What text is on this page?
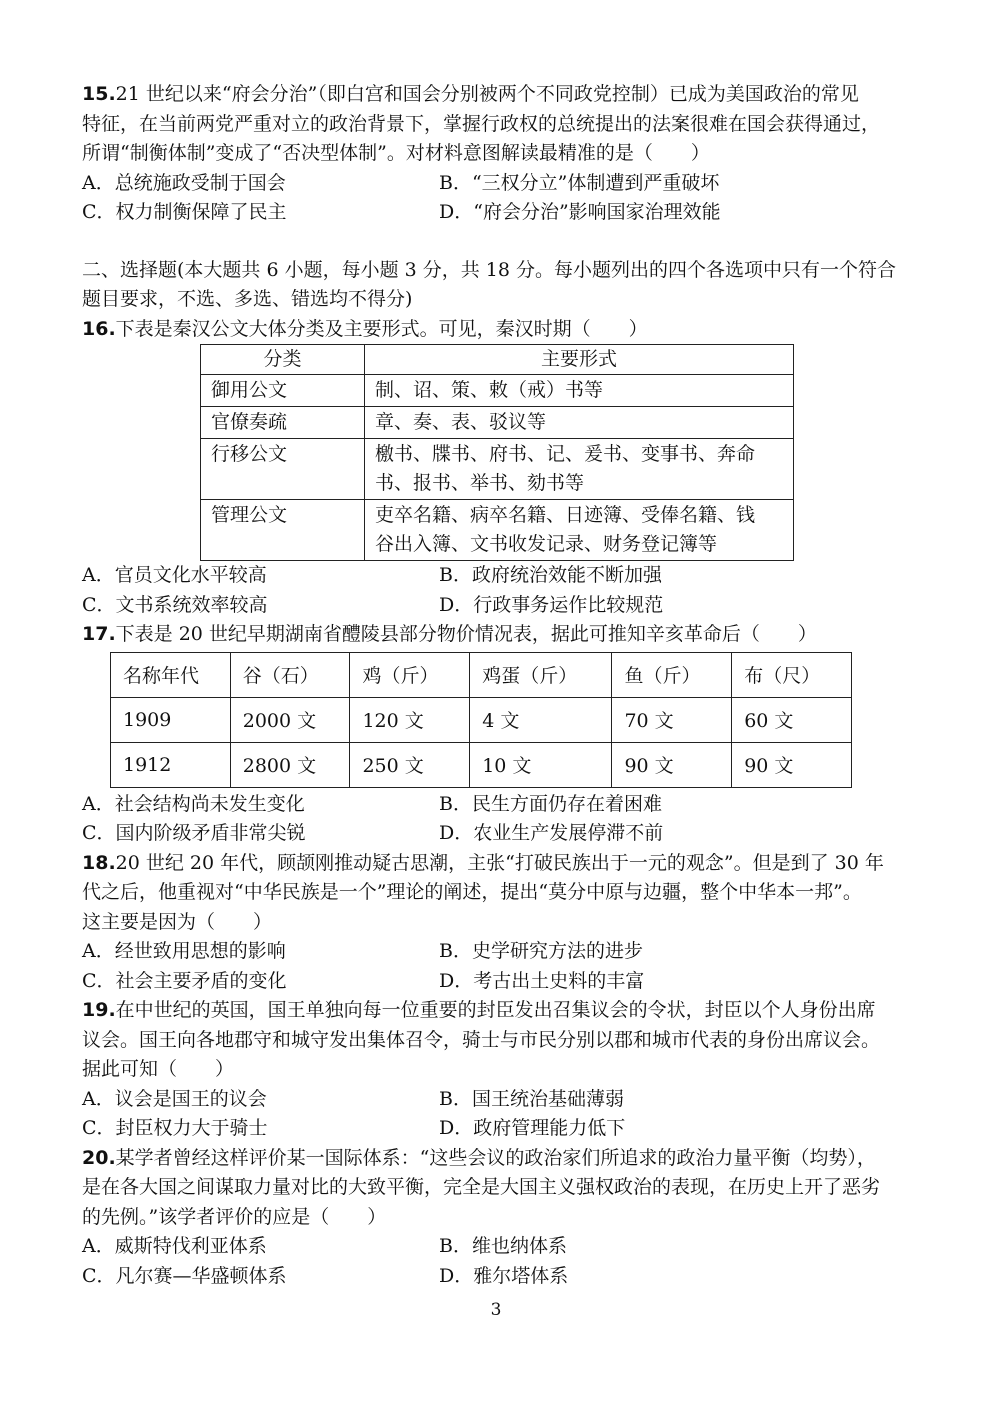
15.21 世纪以来“府会分治”（即白宫和国会分别被两个不同政党控制）已成为美国政治的常见
特征，在当前两党严重对立的政治背景下，掌握行政权的总统提出的法案很难在国会获得通过，
所谓“制衡体制”变成了“否决型体制”。对材料意图解读最精准的是（　　）
A．总统施政受制于国会	B．“三权分立”体制遭到严重破坏
C．权力制衡保障了民主	D．“府会分治”影响国家治理效能
二、选择题(本大题共 6 小题，每小题 3 分，共 18 分。每小题列出的四个各选项中只有一个符合
题目要求，不选、多选、错选均不得分)
16.下表是秦汉公文大体分类及主要形式。可见，秦汉时期（　　）
分类	主要形式
御用公文	制、诏、策、敕（戒）书等

官僚奏疏	章、奏、表、驳议等

行移公文	檄书、牒书、府书、记、爰书、变事书、奔命
书、报书、举书、劾书等

管理公文	吏卒名籍、病卒名籍、日迹簿、受俸名籍、钱
谷出入簿、文书收发记录、财务登记簿等
A．官员文化水平较高	B．政府统治效能不断加强
C．文书系统效率较高	D．行政事务运作比较规范
17.下表是 20 世纪早期湖南省醴陵县部分物价情况表，据此可推知辛亥革命后（　　）
名称年代	谷（石）	鸡（斤）	鸡蛋（斤）	鱼（斤）	布（尺）
1909	2000 文	120 文	4 文	70 文	60 文
1912	2800 文	250 文	10 文	90 文	90 文
A．社会结构尚未发生变化	B．民生方面仍存在着困难
C．国内阶级矛盾非常尖锐	D．农业生产发展停滞不前
18.20 世纪 20 年代，顾颉刚推动疑古思潮，主张“打破民族出于一元的观念”。但是到了 30 年
代之后，他重视对“中华民族是一个”理论的阐述，提出“莫分中原与边疆，整个中华本一邦”。
这主要是因为（　　）
A．经世致用思想的影响	B．史学研究方法的进步
C．社会主要矛盾的变化	D．考古出土史料的丰富
19.在中世纪的英国，国王单独向每一位重要的封臣发出召集议会的令状，封臣以个人身份出席
议会。国王向各地郡守和城守发出集体召令，骑士与市民分别以郡和城市代表的身份出席议会。
据此可知（　　）
A．议会是国王的议会	B．国王统治基础薄弱
C．封臣权力大于骑士	D．政府管理能力低下
20.某学者曾经这样评价某一国际体系：“这些会议的政治家们所追求的政治力量平衡（均势），
是在各大国之间谋取力量对比的大致平衡，完全是大国主义强权政治的表现，在历史上开了恶劣
的先例。”该学者评价的应是（　　）
A．威斯特伐利亚体系	B．维也纳体系
C．凡尔赛—华盛顿体系	D．雅尔塔体系
3
